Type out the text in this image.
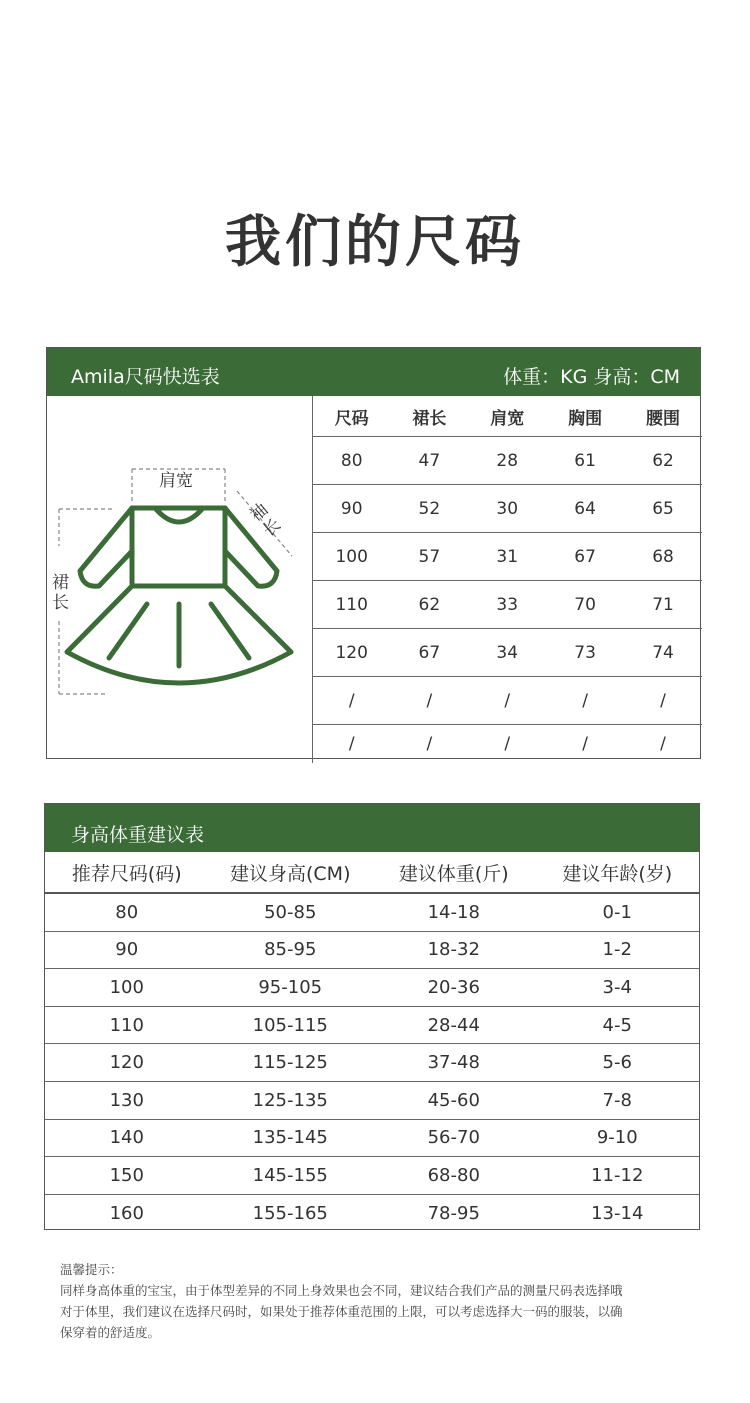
我们的尺码
Amila尺码快选表	体重：KG 身高：CM
肩宽
裙长
袖长
尺码	裙长	肩宽	胸围	腰围
80	47	28	61	62
90	52	30	64	65
100	57	31	67	68
110	62	33	70	71
120	67	34	73	74
/	/	/	/	/
/	/	/	/	/
身高体重建议表
推荐尺码(码)	建议身高(CM)	建议体重(斤)	建议年龄(岁)
80	50-85	14-18	0-1
90	85-95	18-32	1-2
100	95-105	20-36	3-4
110	105-115	28-44	4-5
120	115-125	37-48	5-6
130	125-135	45-60	7-8
140	135-145	56-70	9-10
150	145-155	68-80	11-12
160	155-165	78-95	13-14

温馨提示：

同样身高体重的宝宝，由于体型差异的不同上身效果也会不同，建议结合我们产品的测量尺码表选择哦

对于体里，我们建议在选择尺码时，如果处于推荐体重范围的上限，可以考虑选择大一码的服装，以确

保穿着的舒适度。
